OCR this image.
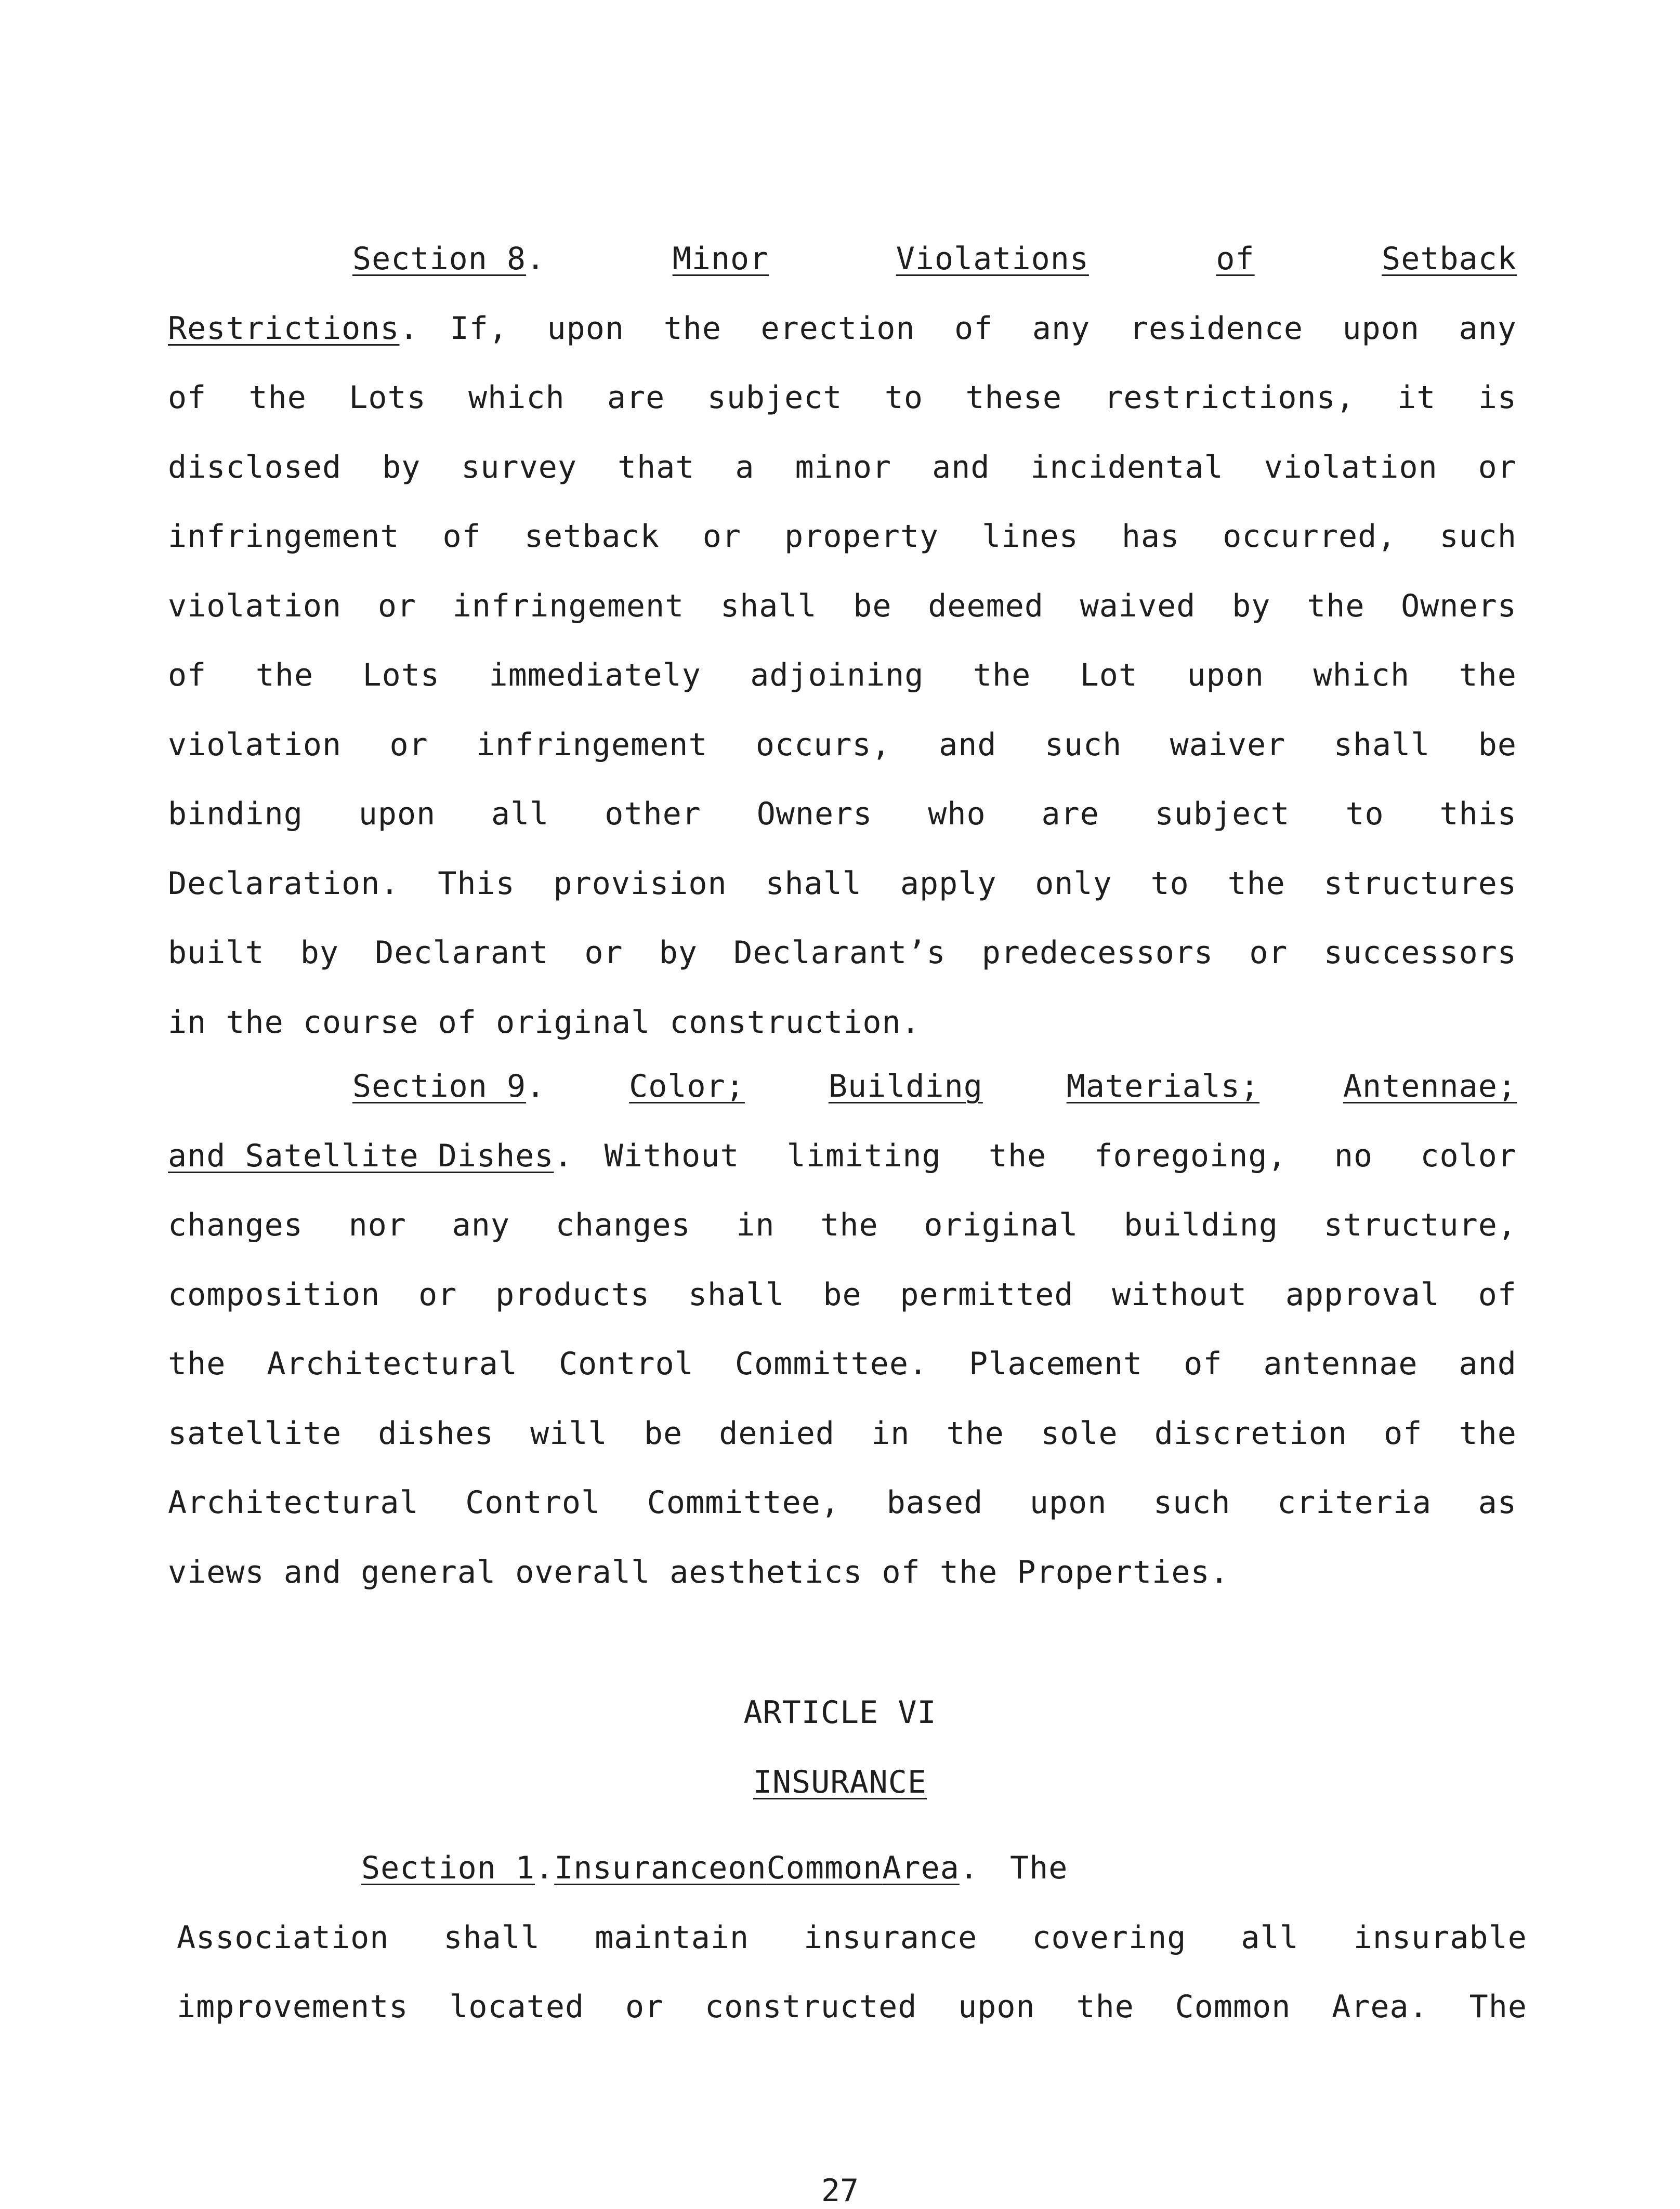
Section 8.	Minor	Violations	of	Setback
Restrictions. If, upon the erection of any residence upon any
of the Lots which are subject to these restrictions, it is
disclosed by survey that a minor and incidental violation or
infringement of setback or property lines has occurred, such
violation or infringement shall be deemed waived by the Owners
of the Lots immediately adjoining the Lot upon which the
violation or infringement occurs, and such waiver shall be
binding upon all other Owners who are subject to this
Declaration. This provision shall apply only to the structures
built by Declarant or by Declarant’s predecessors or successors
in the course of original construction.
Section 9.	Color;	Building	Materials;	Antennae;
and Satellite Dishes. Without limiting the foregoing, no color
changes nor any changes in the original building structure,
composition or products shall be permitted without approval of
the Architectural Control Committee. Placement of antennae and
satellite dishes will be denied in the sole discretion of the
Architectural Control Committee, based upon such criteria as
views and general overall aesthetics of the Properties.
ARTICLE VI
INSURANCE
Section 1. Insurance on Common Area. The
Association shall maintain insurance covering all insurable
improvements located or constructed upon the Common Area. The
27
